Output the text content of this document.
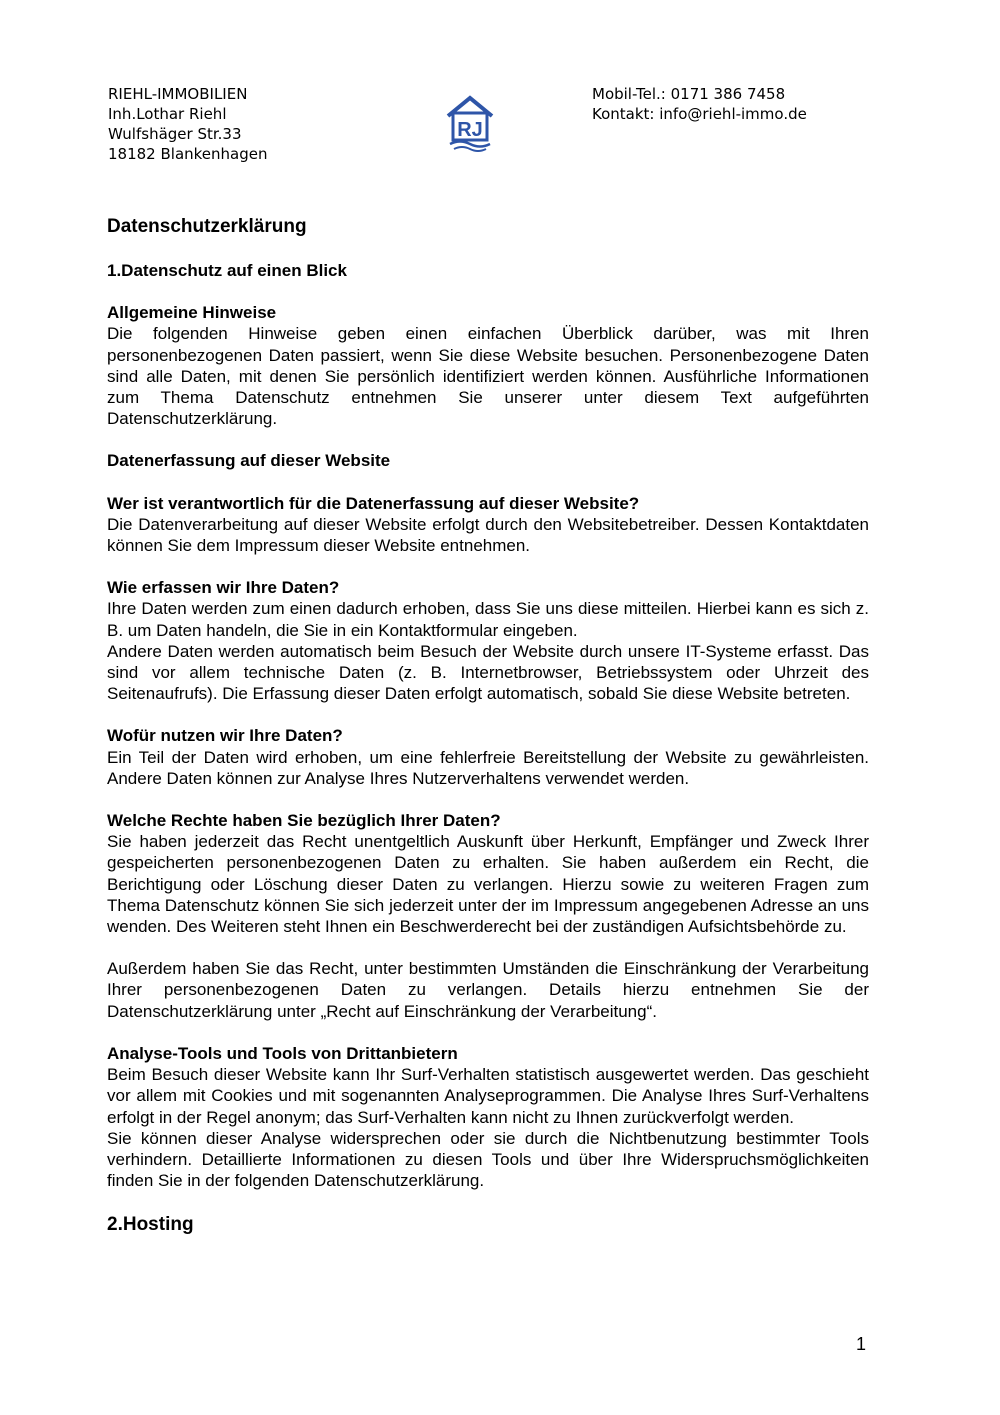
RIEHL-IMMOBILIEN
Inh.Lothar Riehl
Wulfshäger Str.33
18182 Blankenhagen
RJ
Mobil-Tel.: 0171 386 7458
Kontakt: info@riehl-immo.de
Datenschutzerklärung
1.Datenschutz auf einen Blick
Allgemeine Hinweise
Die folgenden Hinweise geben einen einfachen Überblick darüber, was mit Ihren personenbezogenen Daten passiert, wenn Sie diese Website besuchen. Personenbezogene Daten sind alle Daten, mit denen Sie persönlich identifiziert werden können. Ausführliche Informationen zum Thema Datenschutz entnehmen Sie unserer unter diesem Text aufgeführten Datenschutzerklärung.
Datenerfassung auf dieser Website
Wer ist verantwortlich für die Datenerfassung auf dieser Website?
Die Datenverarbeitung auf dieser Website erfolgt durch den Websitebetreiber. Dessen Kontaktdaten können Sie dem Impressum dieser Website entnehmen.
Wie erfassen wir Ihre Daten?
Ihre Daten werden zum einen dadurch erhoben, dass Sie uns diese mitteilen. Hierbei kann es sich z. B. um Daten handeln, die Sie in ein Kontaktformular eingeben.
Andere Daten werden automatisch beim Besuch der Website durch unsere IT-Systeme erfasst. Das sind vor allem technische Daten (z. B. Internetbrowser, Betriebssystem oder Uhrzeit des Seitenaufrufs). Die Erfassung dieser Daten erfolgt automatisch, sobald Sie diese Website betreten.
Wofür nutzen wir Ihre Daten?
Ein Teil der Daten wird erhoben, um eine fehlerfreie Bereitstellung der Website zu gewährleisten. Andere Daten können zur Analyse Ihres Nutzerverhaltens verwendet werden.
Welche Rechte haben Sie bezüglich Ihrer Daten?
Sie haben jederzeit das Recht unentgeltlich Auskunft über Herkunft, Empfänger und Zweck Ihrer gespeicherten personenbezogenen Daten zu erhalten. Sie haben außerdem ein Recht, die Berichtigung oder Löschung dieser Daten zu verlangen. Hierzu sowie zu weiteren Fragen zum Thema Datenschutz können Sie sich jederzeit unter der im Impressum angegebenen Adresse an uns wenden. Des Weiteren steht Ihnen ein Beschwerderecht bei der zuständigen Aufsichtsbehörde zu.
Außerdem haben Sie das Recht, unter bestimmten Umständen die Einschränkung der Verarbeitung Ihrer personenbezogenen Daten zu verlangen. Details hierzu entnehmen Sie der Datenschutzerklärung unter „Recht auf Einschränkung der Verarbeitung“.
Analyse-Tools und Tools von Drittanbietern
Beim Besuch dieser Website kann Ihr Surf-Verhalten statistisch ausgewertet werden. Das geschieht vor allem mit Cookies und mit sogenannten Analyseprogrammen. Die Analyse Ihres Surf-Verhaltens erfolgt in der Regel anonym; das Surf-Verhalten kann nicht zu Ihnen zurückverfolgt werden.
Sie können dieser Analyse widersprechen oder sie durch die Nichtbenutzung bestimmter Tools verhindern. Detaillierte Informationen zu diesen Tools und über Ihre Widerspruchsmöglichkeiten finden Sie in der folgenden Datenschutzerklärung.
2.Hosting
1
